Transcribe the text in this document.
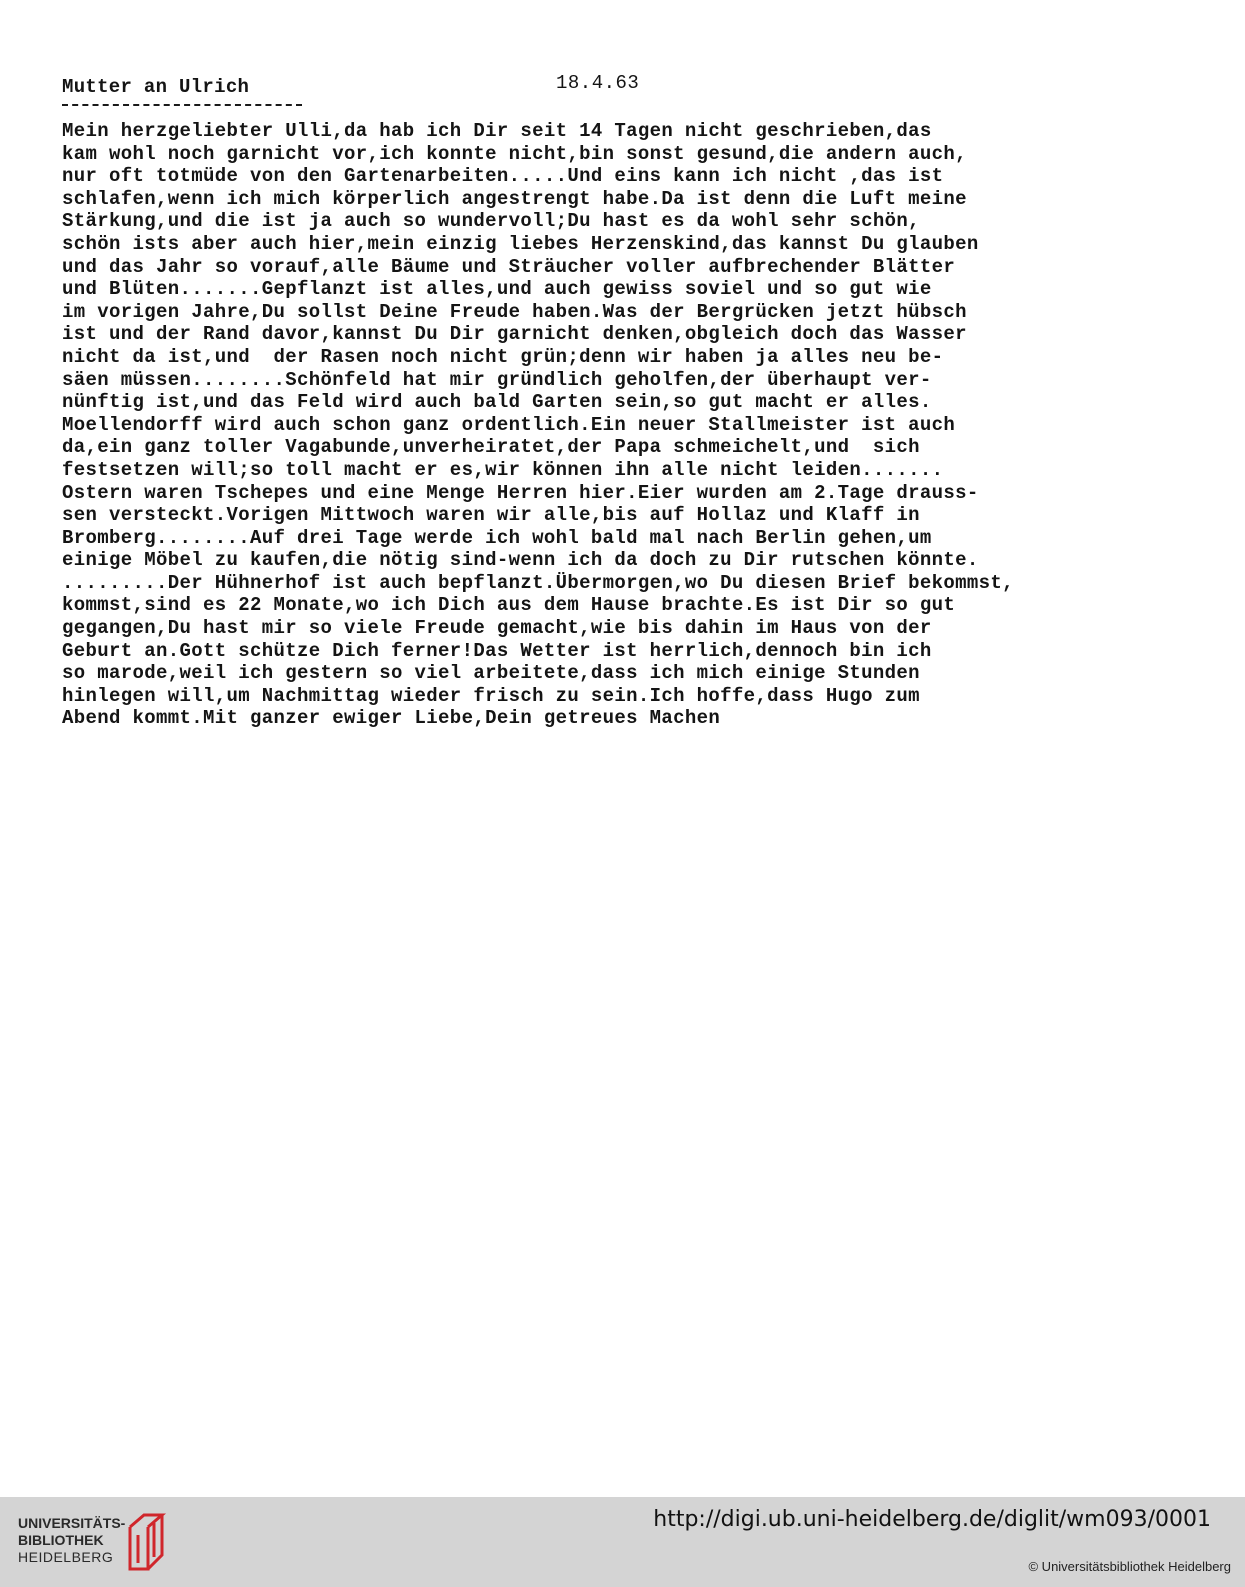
Mutter an Ulrich	18.4.63
Mein herzgeliebter Ulli,da hab ich Dir seit 14 Tagen nicht geschrieben,das
kam wohl noch garnicht vor,ich konnte nicht,bin sonst gesund,die andern auch,
nur oft totmüde von den Gartenarbeiten.....Und eins kann ich nicht ,das ist
schlafen,wenn ich mich körperlich angestrengt habe.Da ist denn die Luft meine
Stärkung,und die ist ja auch so wundervoll;Du hast es da wohl sehr schön,
schön ists aber auch hier,mein einzig liebes Herzenskind,das kannst Du glauben
und das Jahr so vorauf,alle Bäume und Sträucher voller aufbrechender Blätter
und Blüten.......Gepflanzt ist alles,und auch gewiss soviel und so gut wie
im vorigen Jahre,Du sollst Deine Freude haben.Was der Bergrücken jetzt hübsch
ist und der Rand davor,kannst Du Dir garnicht denken,obgleich doch das Wasser
nicht da ist,und  der Rasen noch nicht grün;denn wir haben ja alles neu be-
säen müssen........Schönfeld hat mir gründlich geholfen,der überhaupt ver-
nünftig ist,und das Feld wird auch bald Garten sein,so gut macht er alles.
Moellendorff wird auch schon ganz ordentlich.Ein neuer Stallmeister ist auch
da,ein ganz toller Vagabunde,unverheiratet,der Papa schmeichelt,und  sich
festsetzen will;so toll macht er es,wir können ihn alle nicht leiden.......
Ostern waren Tschepes und eine Menge Herren hier.Eier wurden am 2.Tage drauss-
sen versteckt.Vorigen Mittwoch waren wir alle,bis auf Hollaz und Klaff in
Bromberg........Auf drei Tage werde ich wohl bald mal nach Berlin gehen,um
einige Möbel zu kaufen,die nötig sind-wenn ich da doch zu Dir rutschen könnte.
.........Der Hühnerhof ist auch bepflanzt.Übermorgen,wo Du diesen Brief bekommst,
kommst,sind es 22 Monate,wo ich Dich aus dem Hause brachte.Es ist Dir so gut
gegangen,Du hast mir so viele Freude gemacht,wie bis dahin im Haus von der
Geburt an.Gott schütze Dich ferner!Das Wetter ist herrlich,dennoch bin ich
so marode,weil ich gestern so viel arbeitete,dass ich mich einige Stunden
hinlegen will,um Nachmittag wieder frisch zu sein.Ich hoffe,dass Hugo zum
Abend kommt.Mit ganzer ewiger Liebe,Dein getreues Machen
UNIVERSITÄTS-
BIBLIOTHEK
HEIDELBERG
http://digi.ub.uni-heidelberg.de/diglit/wm093/0001
© Universitätsbibliothek Heidelberg
